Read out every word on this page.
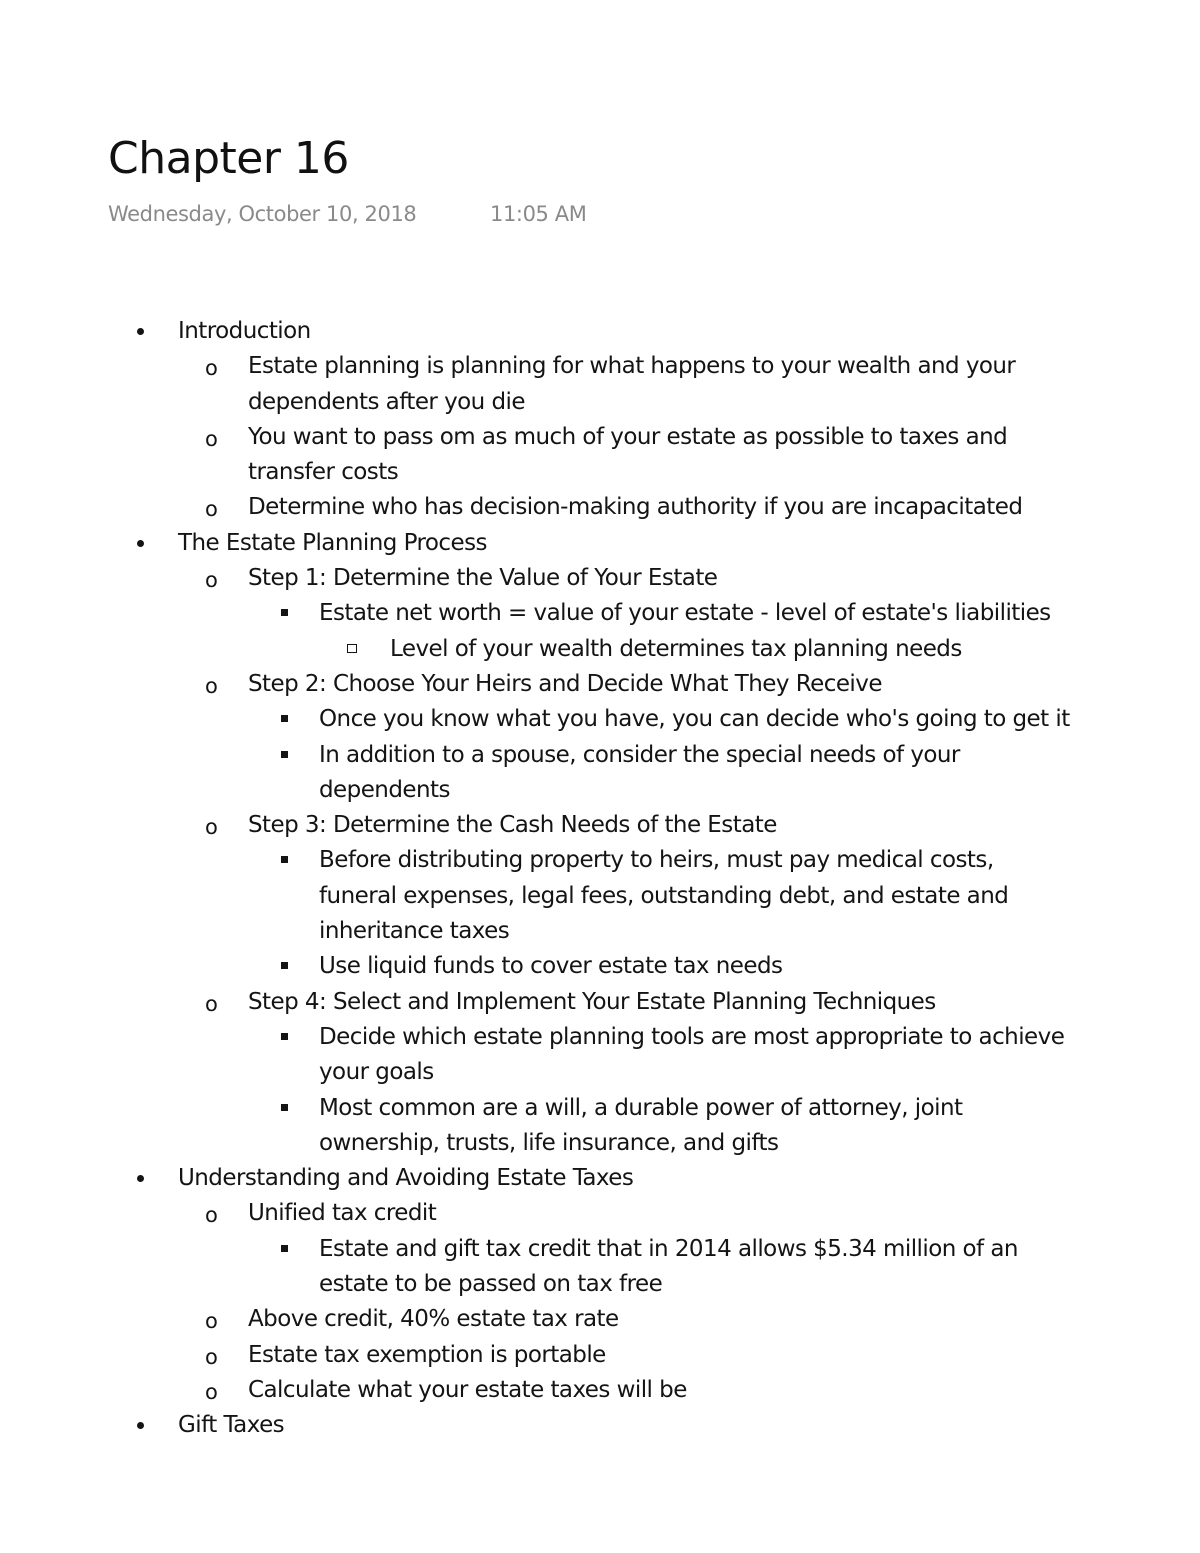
Chapter 16
Wednesday, October 10, 2018	11:05 AM
Introduction
o Estate planning is planning for what happens to your wealth and your
dependents after you die
o You want to pass om as much of your estate as possible to taxes and
transfer costs
o Determine who has decision-making authority if you are incapacitated
The Estate Planning Process
o Step 1: Determine the Value of Your Estate
Estate net worth = value of your estate - level of estate's liabilities
Level of your wealth determines tax planning needs
o Step 2: Choose Your Heirs and Decide What They Receive
Once you know what you have, you can decide who's going to get it
In addition to a spouse, consider the special needs of your
dependents
o Step 3: Determine the Cash Needs of the Estate
Before distributing property to heirs, must pay medical costs,
funeral expenses, legal fees, outstanding debt, and estate and
inheritance taxes
Use liquid funds to cover estate tax needs
o Step 4: Select and Implement Your Estate Planning Techniques
Decide which estate planning tools are most appropriate to achieve
your goals
Most common are a will, a durable power of attorney, joint
ownership, trusts, life insurance, and gifts
Understanding and Avoiding Estate Taxes
o Unified tax credit
Estate and gift tax credit that in 2014 allows $5.34 million of an
estate to be passed on tax free
o Above credit, 40% estate tax rate
o Estate tax exemption is portable
o Calculate what your estate taxes will be
Gift Taxes
